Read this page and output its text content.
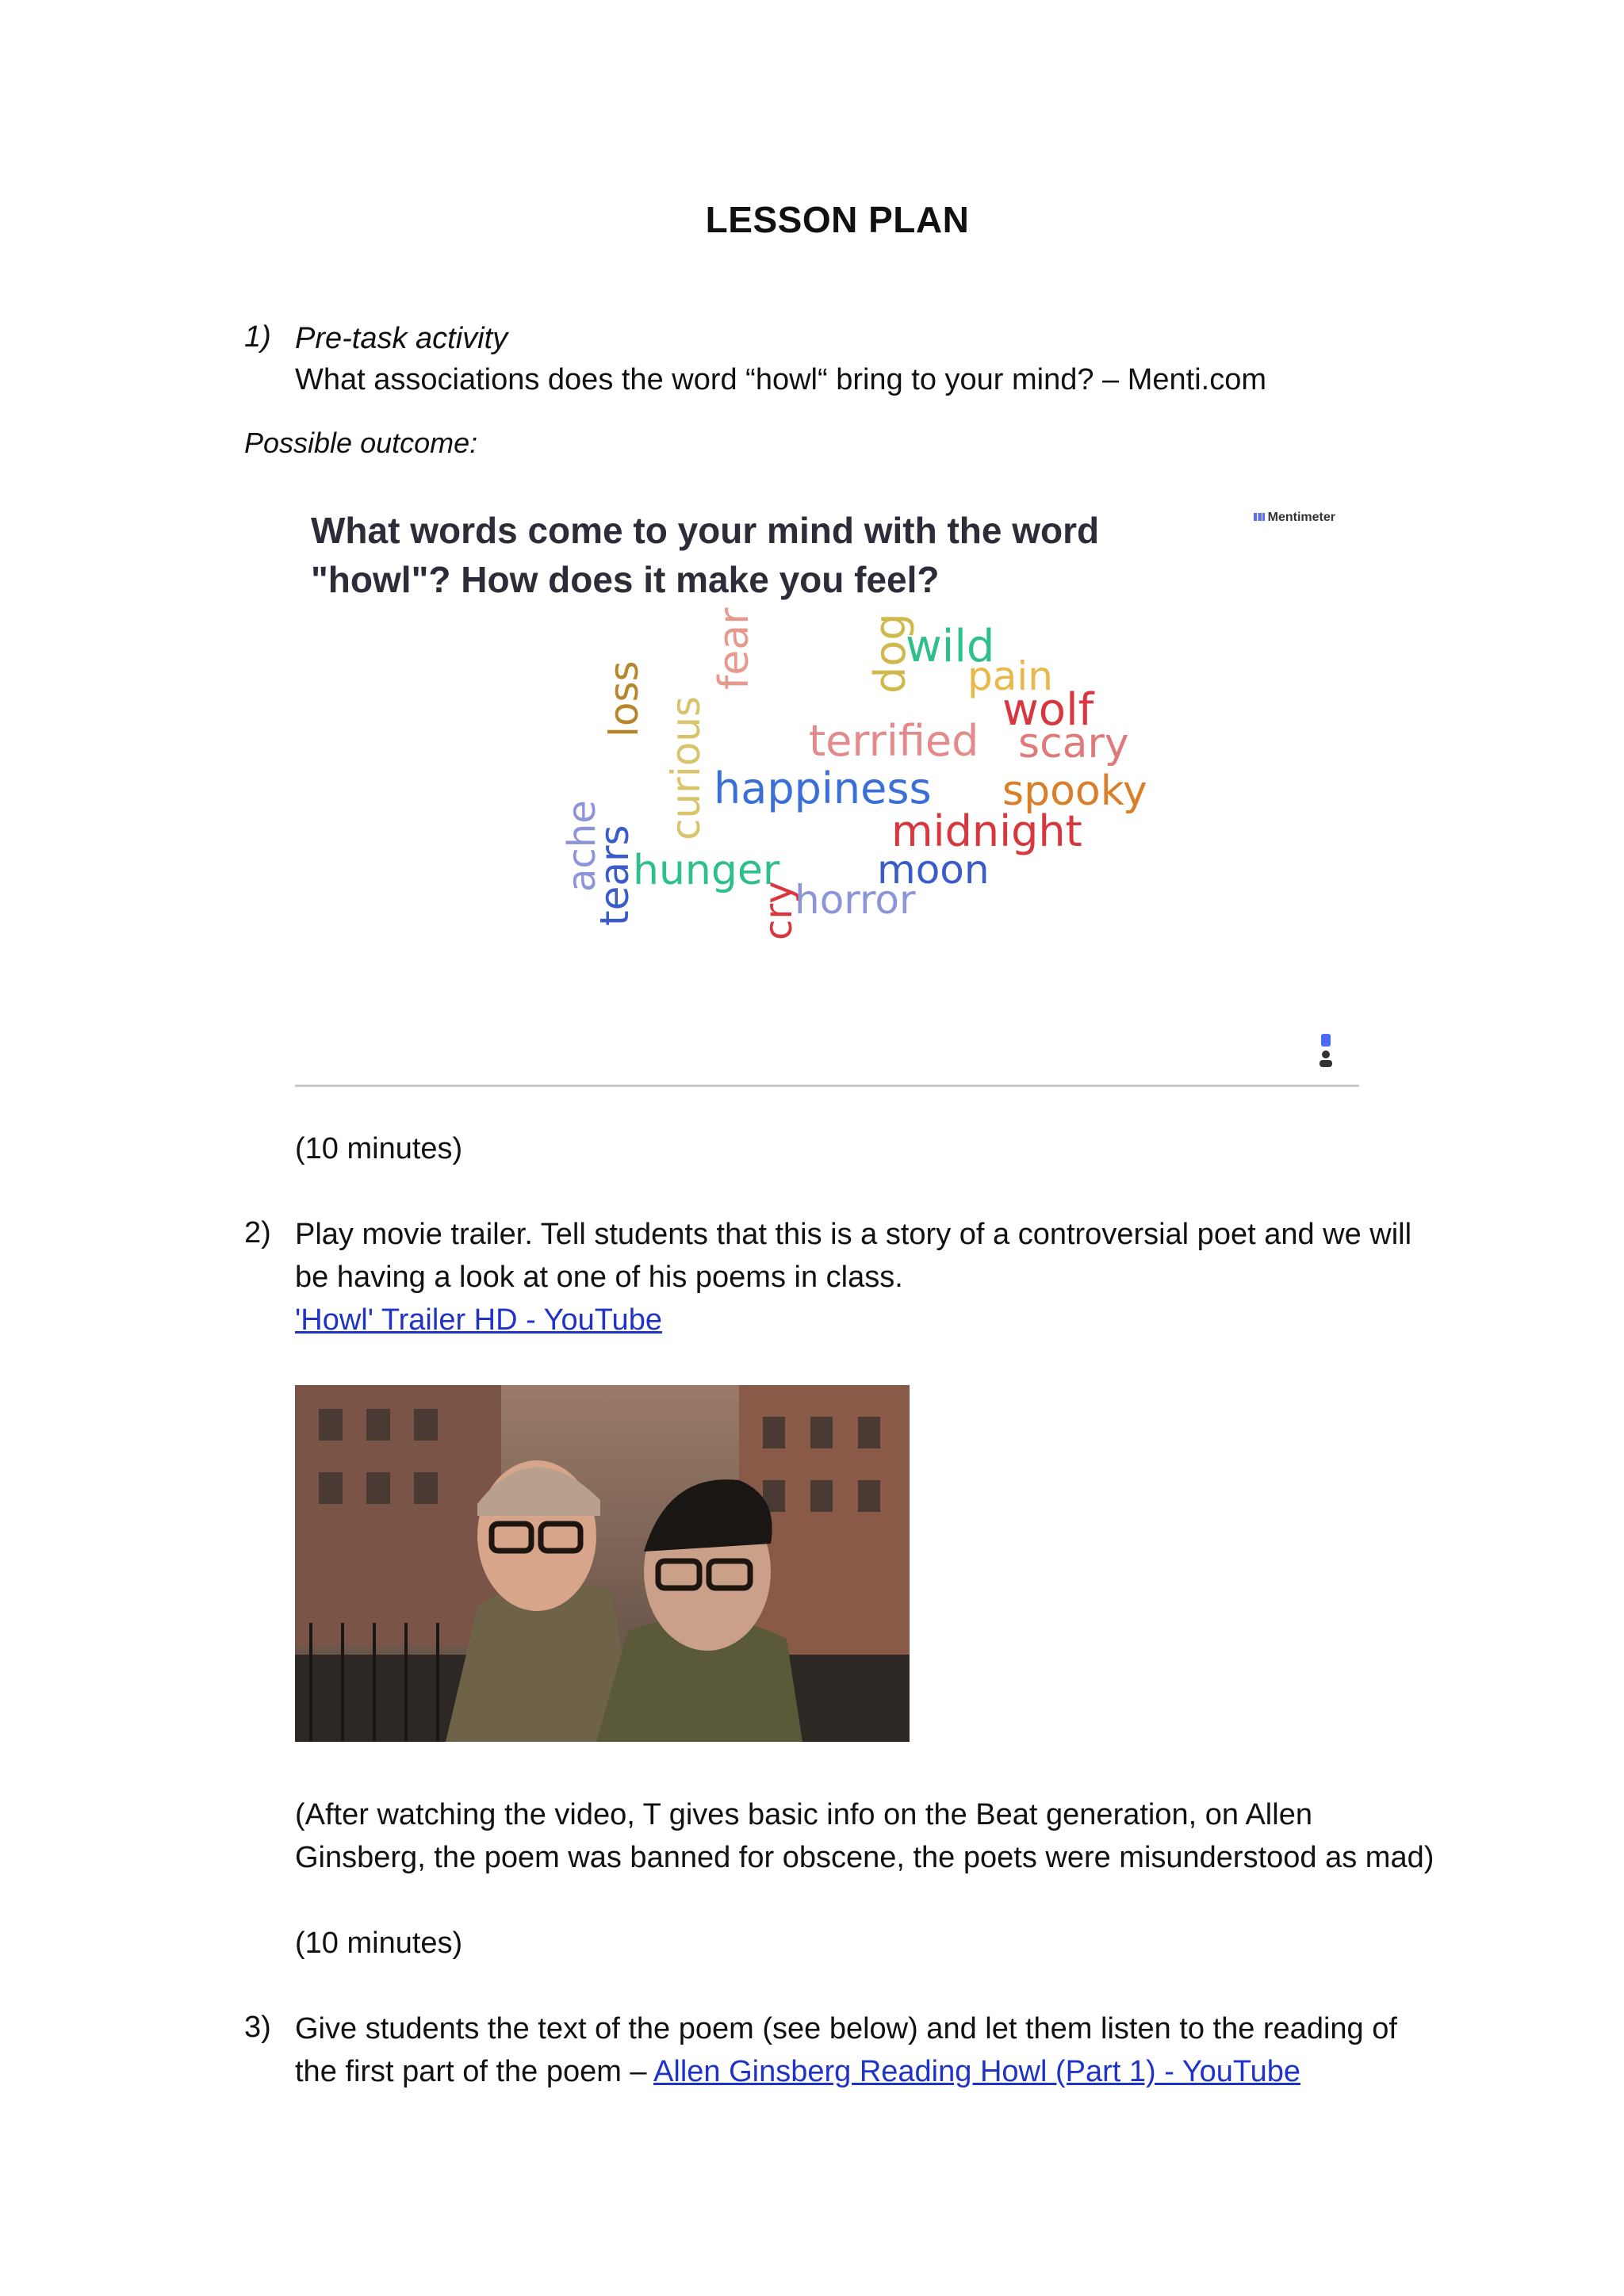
LESSON PLAN
1) Pre-task activity
What associations does the word “howl“ bring to your mind? – Menti.com
Possible outcome:
What words come to your mind with the word
"howl"? How does it make you feel?
Mentimeter
loss curious
fear	dog
ache
tears	cry
wild
pain
wolf
terrified scary
happiness spooky
hunger
midnight
moon
horror
(10 minutes)
2) Play movie trailer. Tell students that this is a story of a controversial poet and we will
be having a look at one of his poems in class.
'Howl' Trailer HD - YouTube
(After watching the video, T gives basic info on the Beat generation, on Allen
Ginsberg, the poem was banned for obscene, the poets were misunderstood as mad)
(10 minutes)
3) Give students the text of the poem (see below) and let them listen to the reading of
the first part of the poem – Allen Ginsberg Reading Howl (Part 1) - YouTube
